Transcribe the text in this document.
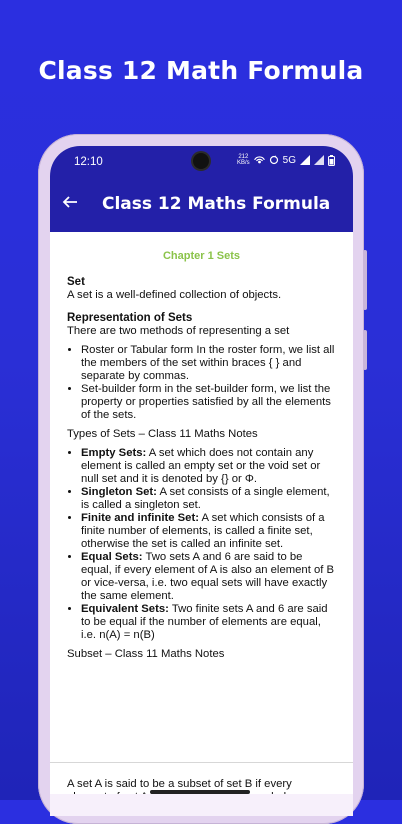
Class 12 Math Formula
12:10	212
KB/s	5G
Class 12 Maths Formula
Chapter 1 Sets

Set

A set is a well-defined collection of objects.

Representation of Sets

There are two methods of representing a set

• Roster or Tabular form In the roster form, we list all the members of the set within braces { } and separate by commas.
• Set-builder form in the set-builder form, we list the property or properties satisfied by all the elements of the sets.

Types of Sets – Class 11 Maths Notes

• Empty Sets: A set which does not contain any element is called an empty set or the void set or null set and it is denoted by {} or Φ.
• Singleton Set: A set consists of a single element, is called a singleton set.
• Finite and infinite Set: A set which consists of a finite number of elements, is called a finite set, otherwise the set is called an infinite set.
• Equal Sets: Two sets A and 6 are said to be equal, if every element of A is also an element of B or vice-versa, i.e. two equal sets will have exactly the same element.
• Equivalent Sets: Two finite sets A and 6 are said to be equal if the number of elements are equal, i.e. n(A) = n(B)

Subset – Class 11 Maths Notes

A set A is said to be a subset of set B if every
